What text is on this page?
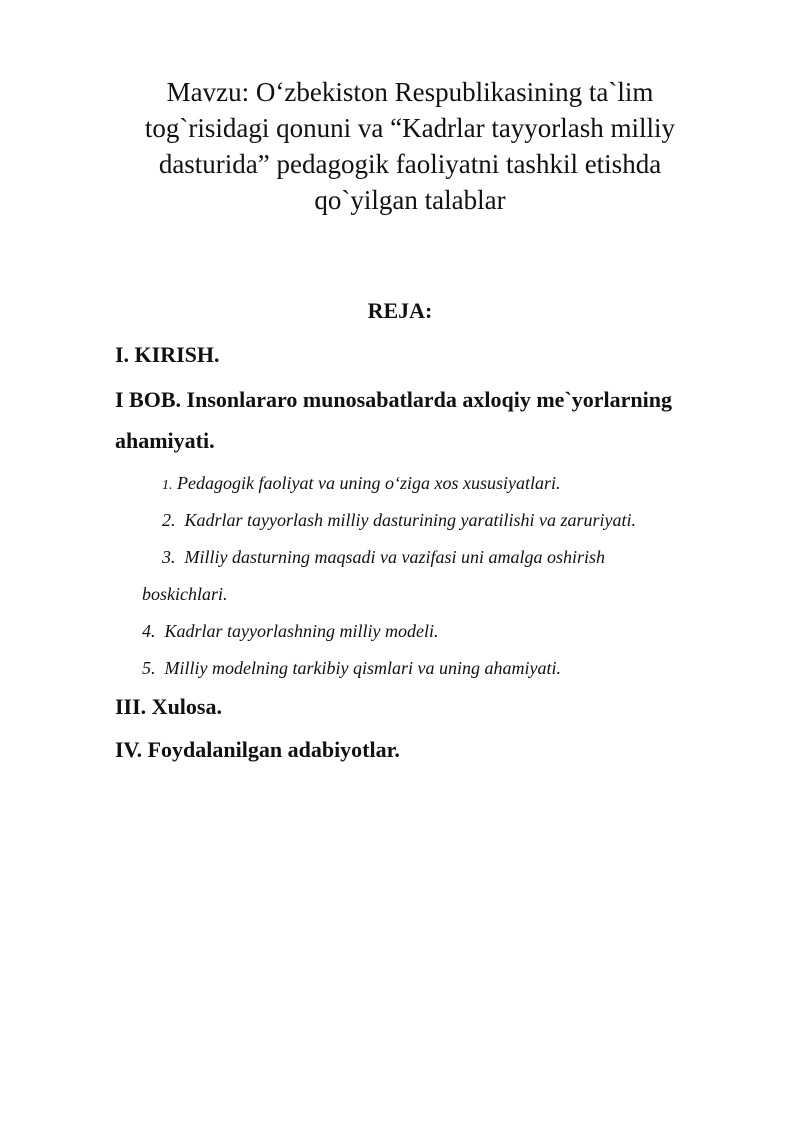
Mavzu: O‘zbekiston Respublikasining ta`lim
tog`risidagi qonuni va “Kadrlar tayyorlash milliy
dasturida” pedagogik faoliyatni tashkil etishda
qo`yilgan talablar
REJA:
I. KIRISH.
I BOB. Insonlararo munosabatlarda axloqiy me`yorlarning
ahamiyati.
1. Pedagogik faoliyat va uning o‘ziga xos xususiyatlari.
2. Kadrlar tayyorlash milliy dasturining yaratilishi va zaruriyati.
3. Milliy dasturning maqsadi va vazifasi uni amalga oshirish
boskichlari.
4. Kadrlar tayyorlashning milliy modeli.
5. Milliy modelning tarkibiy qismlari va uning ahamiyati.
III. Xulosa.
IV. Foydalanilgan adabiyotlar.
